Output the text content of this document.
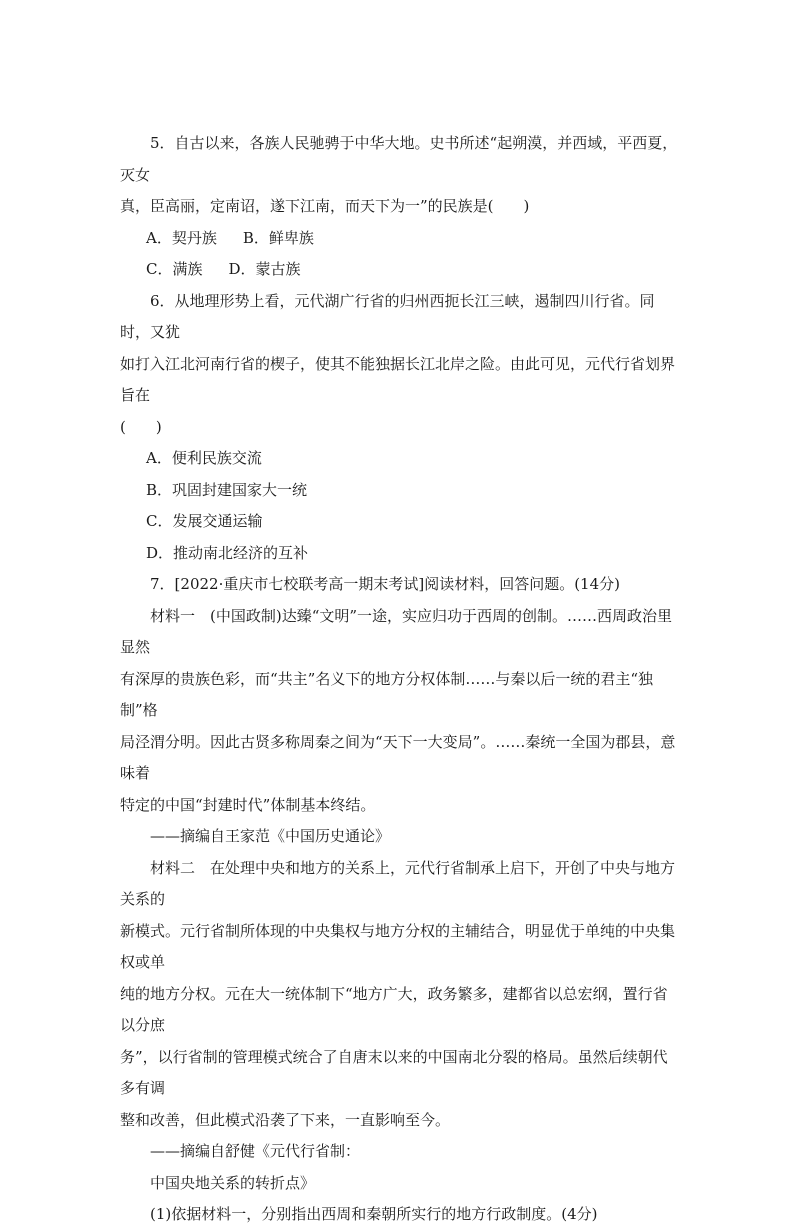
5．自古以来，各族人民驰骋于中华大地。史书所述“起朔漠，并西域，平西夏，灭女

真，臣高丽，定南诏，遂下江南，而天下为一”的民族是(　　)

A．契丹族 B．鲜卑族

C．满族 D．蒙古族

6．从地理形势上看，元代湖广行省的归州西扼长江三峡，遏制四川行省。同时，又犹

如打入江北河南行省的楔子，使其不能独据长江北岸之险。由此可见，元代行省划界旨在

(　　)

A．便利民族交流

B．巩固封建国家大一统

C．发展交通运输

D．推动南北经济的互补

7．[2022·重庆市七校联考高一期末考试]阅读材料，回答问题。(14分)

材料一　(中国政制)达臻“文明”一途，实应归功于西周的创制。……西周政治里显然

有深厚的贵族色彩，而“共主”名义下的地方分权体制……与秦以后一统的君主“独制”格

局泾渭分明。因此古贤多称周秦之间为“天下一大变局”。……秦统一全国为郡县，意味着

特定的中国“封建时代”体制基本终结。

——摘编自王家范《中国历史通论》

材料二　在处理中央和地方的关系上，元代行省制承上启下，开创了中央与地方关系的

新模式。元行省制所体现的中央集权与地方分权的主辅结合，明显优于单纯的中央集权或单

纯的地方分权。元在大一统体制下“地方广大，政务繁多，建都省以总宏纲，置行省以分庶

务”，以行省制的管理模式统合了自唐末以来的中国南北分裂的格局。虽然后续朝代多有调

整和改善，但此模式沿袭了下来，一直影响至今。

——摘编自舒健《元代行省制：

中国央地关系的转折点》

(1)依据材料一，分别指出西周和秦朝所实行的地方行政制度。(4分)
